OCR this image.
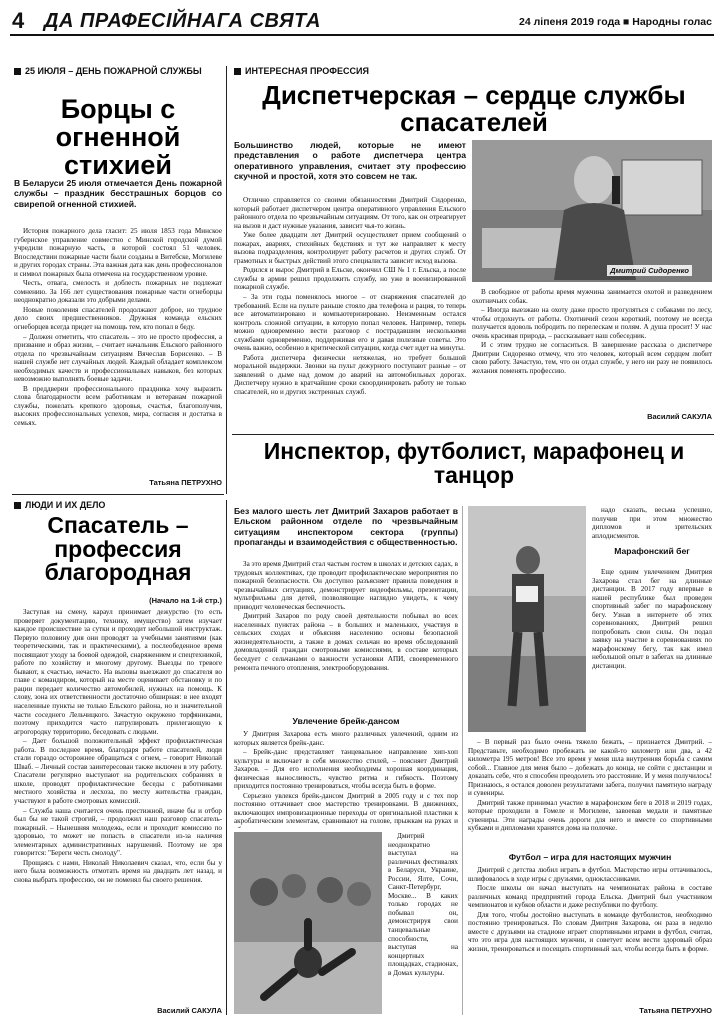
4 ДА ПРАФЕСІЙНАГА СВЯТА	24 ліпеня 2019 года ■ Народны голас
25 ИЮЛЯ – ДЕНЬ ПОЖАРНОЙ СЛУЖБЫ
Борцы с огненной стихией
В Беларуси 25 июля отмечается День пожарной службы – праздник бесстрашных борцов со свирепой огненной стихией.

История пожарного дела гласит: 25 июля 1853 года Минское губернское управление совместно с Минской городской думой учредили пожарную часть, в которой состоял 51 человек. Впоследствии пожарные части были созданы в Витебске, Могилеве и других городах страны. Эта важная дата как день профессионалов и символ пожарных была отмечена на государственном уровне.

Честь, отвага, смелость и доблесть пожарных не подлежат сомнению. За 166 лет существования пожарные части огнеборцы неоднократно доказали это добрыми делами.

Новые поколения спасателей продолжают доброе, но трудное дело своих предшественников. Дружная команда ельских огнеборцев всегда придет на помощь тем, кто попал в беду.

– Должен отметить, что спасатель – это не просто профессия, а призвание и образ жизни, – считает начальник Ельского районного отдела по чрезвычайным ситуациям Вячеслав Борисенко. – В нашей службе нет случайных людей. Каждый обладает комплексом необходимых качеств и профессиональных навыков, без которых невозможно выполнять боевые задачи.

В преддверии профессионального праздника хочу выразить слова благодарности всем работникам и ветеранам пожарной службы, пожелать крепкого здоровья, счастья, благополучия, высоких профессиональных успехов, мира, согласия и достатка в семьях.

Татьяна ПЕТРУХНО
ИНТЕРЕСНАЯ ПРОФЕССИЯ
Диспетчерская – сердце службы спасателей
Большинство людей, которые не имеют представления о работе диспетчера центра оперативного управления, считает эту профессию скучной и простой, хотя это совсем не так.

Отлично справляется со своими обязанностями Дмитрий Сидоренко, который работает диспетчером центра оперативного управления Ельского районного отдела по чрезвычайным ситуациям. От того, как он отреагирует на вызов и даст нужные указания, зависит чья-то жизнь.

Уже более двадцати лет Дмитрий осуществляет прием сообщений о пожарах, авариях, стихийных бедствиях и тут же направляет к месту вызова подразделения, контролирует работу расчетов и других служб. От грамотных и быстрых действий этого специалиста зависит исход вызова.

Родился и вырос Дмитрий в Ельске, окончил СШ № 1 г. Ельска, а после службы в армии решил продолжить службу, но уже в военизированной пожарной службе.

– За эти годы поменялось многое – от снаряжения спасателей до требований. Если на пульте раньше стояло два телефона и рация, то теперь все автоматизировано и компьютеризировано. Неизменным остался контроль сложной ситуации, в которую попал человек. Например, теперь можно одновременно вести разговор с пострадавшим несколькими службами одновременно, поддерживая его и давая полезные советы. Это очень важно, особенно в критической ситуации, когда счет идет на минуты.

Работа диспетчера физически нетяжелая, но требует большой моральной выдержки. Звонки на пульт дежурного поступают разные – от заявлений о дыме над домом до аварий на автомобильных дорогах. Диспетчеру нужно в кратчайшие сроки скоординировать работу не только спасателей, но и других экстренных служб.

Дмитрий Сидоренко

В свободное от работы время мужчина занимается охотой и разведением охотничьих собак.

– Иногда выезжаю на охоту даже просто прогуляться с собаками по лесу, чтобы отдохнуть от работы. Охотничий сезон короткий, поэтому не всегда получается вдоволь побродить по перелескам и полям. А душа просит! У нас очень красивая природа, – рассказывает наш собеседник.

И с этим трудно не согласиться. В завершение рассказа о диспетчере Дмитрии Сидоренко отмечу, что это человек, который всем сердцем любит свою работу. Зачастую, тем, что он отдал службе, у него ни разу не появилось желания поменять профессию.

Василий САКУЛА
ЛЮДИ И ИХ ДЕЛО
Спасатель – профессия благородная
(Начало на 1-й стр.)

Заступая на смену, караул принимает дежурство (то есть проверяет документацию, технику, имущество) затем изучает каждое происшествие за сутки и проходит небольшой инструктаж. Первую половину дня они проводят за учебными занятиями (как теоретическими, так и практическими), а послеобеденное время посвящают уходу за боевой одеждой, снаряжением и спецтехникой, работе по хозяйству и многому другому. Выезды по тревоге бывают, к счастью, нечасто. На вызовы выезжают до спасателя во главе с командиром, который на месте оценивает обстановку и по рации передает количество автомобилей, нужных на помощь. К слову, зона их ответственности достаточно обширная: в нее входят населенные пункты не только Ельского района, но и значительной части соседнего Лельчицкого. Зачастую окружено торфяниками, поэтому приходится часто патрулировать прилегающую к агрогородку территорию, беседовать с людьми.

– Дает большой положительный эффект профилактическая работа. В последнее время, благодаря работе спасателей, люди стали гораздо осторожнее обращаться с огнем, – говорит Николай Шваб. – Личный состав заинтересован также включен в эту работу. Спасатели регулярно выступают на родительских собраниях в школе, проводят профилактические беседы с работниками местного хозяйства и лесхоза, по месту жительства граждан, участвуют в работе смотровых комиссий.

– Служба наша считается очень престижной, иначе бы и отбор был бы не такой строгий, – продолжил наш разговор спасатель-пожарный. – Нынешняя молодежь, если и проходит комиссию по здоровью, то может не попасть в спасатели из-за наличия элементарных административных нарушений. Поэтому не зря говорится: "Береги честь смолоду".

Прощаясь с нами, Николай Николаевич сказал, что, если бы у него была возможность отмотать время на двадцать лет назад, и снова выбрать профессию, он не поменял бы своего решения.

Василий САКУЛА
Инспектор, футболист, марафонец и танцор
Без малого шесть лет Дмитрий Захаров работает в Ельском районном отделе по чрезвычайным ситуациям инспектором сектора (группы) пропаганды и взаимодействия с общественностью.

За это время Дмитрий стал частым гостем в школах и детских садах, в трудовых коллективах, где проводит профилактические мероприятия по пожарной безопасности. Он доступно разъясняет правила поведения в чрезвычайных ситуациях, демонстрирует видеофильмы, презентации, мультфильмы для детей, позволяющие наглядно увидеть, к чему приводит человеческая беспечность.

Дмитрий Захаров по роду своей деятельности побывал во всех населенных пунктах района – в больших и маленьких, участвуя в сельских сходах и объясняя населению основы безопасной жизнедеятельности, а также в домах сельчан во время обследований домовладений граждан смотровыми комиссиями, в составе которых беседует с сельчанами о важности установки АПИ, своевременного ремонта печного отопления, электрооборудования.

Увлечение брейк-дансом

У Дмитрия Захарова есть много различных увлечений, одним из которых является брейк-данс.

– Брейк-данс представляет танцевальное направление хип-хоп культуры и включает в себя множество стилей, – поясняет Дмитрий Захаров. – Для его исполнения необходимы хорошая координация, физическая выносливость, чувство ритма и гибкость. Поэтому приходится постоянно тренироваться, чтобы всегда быть в форме.

Серьезно увлекся брейк-дансом Дмитрий в 2005 году и с тех пор постоянно оттачивает свое мастерство тренировками. В движениях, включающих импровизационные переходы от оригинальной пластики к акробатическим элементам, сравнивают на голове, прыжкам на руках и

Дмитрий неоднократно выступал на различных фестивалях в Беларуси, Украине, России, Ялте, Сочи, Санкт-Петербург, Москве... В каких только городах не побывал он, демонстрируя свои танцевальные способности, выступая на концертных площадках, стадионах, в Домах культуры.

надо сказать, весьма успешно, получив при этом множество дипломов и зрительских аплодисментов.

Марафонский бег

Еще одним увлечением Дмитрия Захарова стал бег на длинные дистанции. В 2017 году впервые в нашей республике был проведен спортивный забег по марафонскому бегу. Узнав в интернете об этих соревнованиях, Дмитрий решил попробовать свои силы. Он подал заявку на участие в соревнованиях по марафонскому бегу, так как имел небольшой опыт в забегах на длинные дистанции.

– В первый раз было очень тяжело бежать, – признается Дмитрий. – Представьте, необходимо пробежать не какой-то километр или два, а 42 километра 195 метров! Все это время у меня шла внутренняя борьба с самим собой... Главное для меня было – добежать до конца, не сойти с дистанции и доказать себе, что я способен преодолеть это расстояние. И у меня получилось! Признаюсь, я остался доволен результатами забега, получил памятную награду и сувениры.

Дмитрий также принимал участие в марафонском беге в 2018 и 2019 годах, которые проходили в Гомеле и Могилеве, завоевав медали и памятные сувениры. Эти награды очень дороги для него и вместе со спортивными кубками и дипломами хранятся дома на полочке.

Футбол – игра для настоящих мужчин

Дмитрий с детства любил играть в футбол. Мастерство игры оттачивалось, шлифовалось в ходе игры с друзьями, одноклассниками.

После школы он начал выступать на чемпионатах района в составе различных команд предприятий города Ельска. Дмитрий был участником чемпионатов и кубков области и даже республики по футболу.

Для того, чтобы достойно выступать в команде футболистов, необходимо постоянно тренироваться. По словам Дмитрия Захарова, он раза в неделю вместе с друзьями на стадионе играет спортивными играми в футбол, считая, что это игра для настоящих мужчин, и советует всем вести здоровый образ жизни, тренироваться и посещать спортивный зал, чтобы всегда быть в форме.

Татьяна ПЕТРУХНО
